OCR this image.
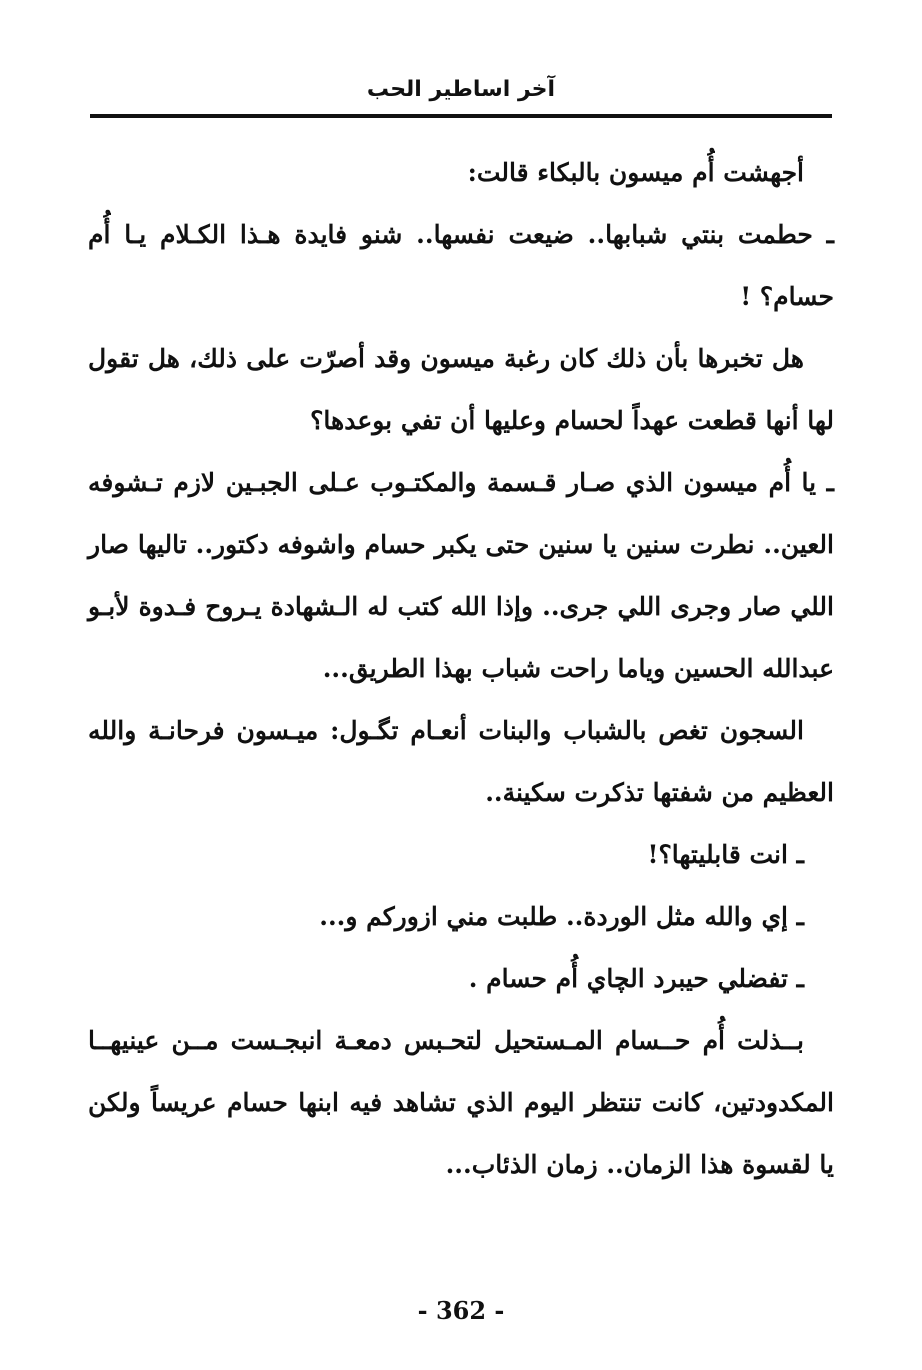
آخر اساطير الحب

أجهشت أُم ميسون بالبكاء قالت:

ـ حطمت بنتي شبابها.. ضيعت نفسها.. شنو فايدة هـذا الكـلام يـا أُم حسام؟ !

هل تخبرها بأن ذلك كان رغبة ميسون وقد أصرّت على ذلك، هل تقول لها أنها قطعت عهداً لحسام وعليها أن تفي بوعدها؟

ـ يا أُم ميسون الذي صـار قـسمة والمكتـوب عـلى الجبـين لازم تـشوفه العين.. نطرت سنين يا سنين حتى يكبر حسام واشوفه دكتور.. تاليها صار اللي صار وجرى اللي جرى.. وإذا الله كتب له الـشهادة يـروح فـدوة لأبـو عبدالله الحسين وياما راحت شباب بهذا الطريق...

السجون تغص بالشباب والبنات أنعـام تگـول: ميـسون فرحانـة والله العظيم من شفتها تذكرت سكينة..

ـ انت قابليتها؟!

ـ إي والله مثل الوردة.. طلبت مني ازوركم و...

ـ تفضلي حيبرد الچاي أُم حسام .

بــذلت أُم حــسام المـستحيل لتحـبس دمعـة انبجـست مــن عينيهــا المكدودتين، كانت تنتظر اليوم الذي تشاهد فيه ابنها حسام عريساً ولكن يا لقسوة هذا الزمان.. زمان الذئاب...

- 362 -
